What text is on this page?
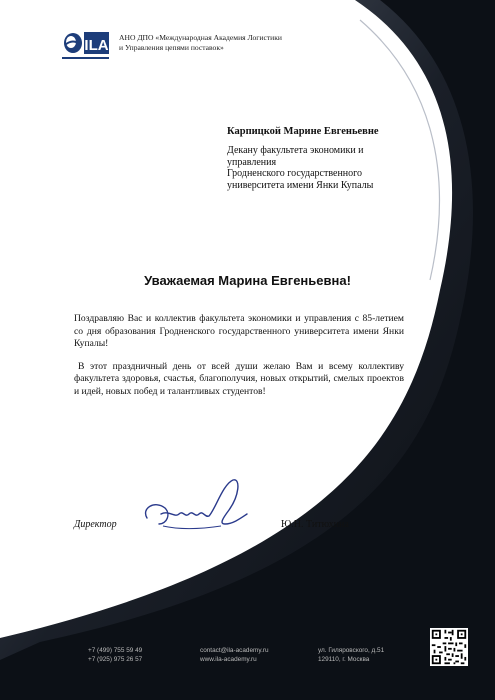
ILA АНО ДПО «Международная Академия Логистики
и Управления цепями поставок»
Карпицкой Марине Евгеньевне
Декану факультета экономики и
управления
Гродненского государственного
университета имени Янки Купалы
Уважаемая Марина Евгеньевна!

Поздравляю Вас и коллектив факультета экономики и управления с 85-летием со дня образования Гродненского государственного университета имени Янки Купалы!

В этот праздничный день от всей души желаю Вам и всему коллективу факультета здоровья, счастья, благополучия, новых открытий, смелых проектов и идей, новых побед и талантливых студентов!

Директор	Ю.Н. Титюхина
+7 (499) 755 59 49
+7 (925) 975 26 57
contact@ila-academy.ru
www.ila-academy.ru
ул. Гиляровского, д.51
129110, г. Москва
